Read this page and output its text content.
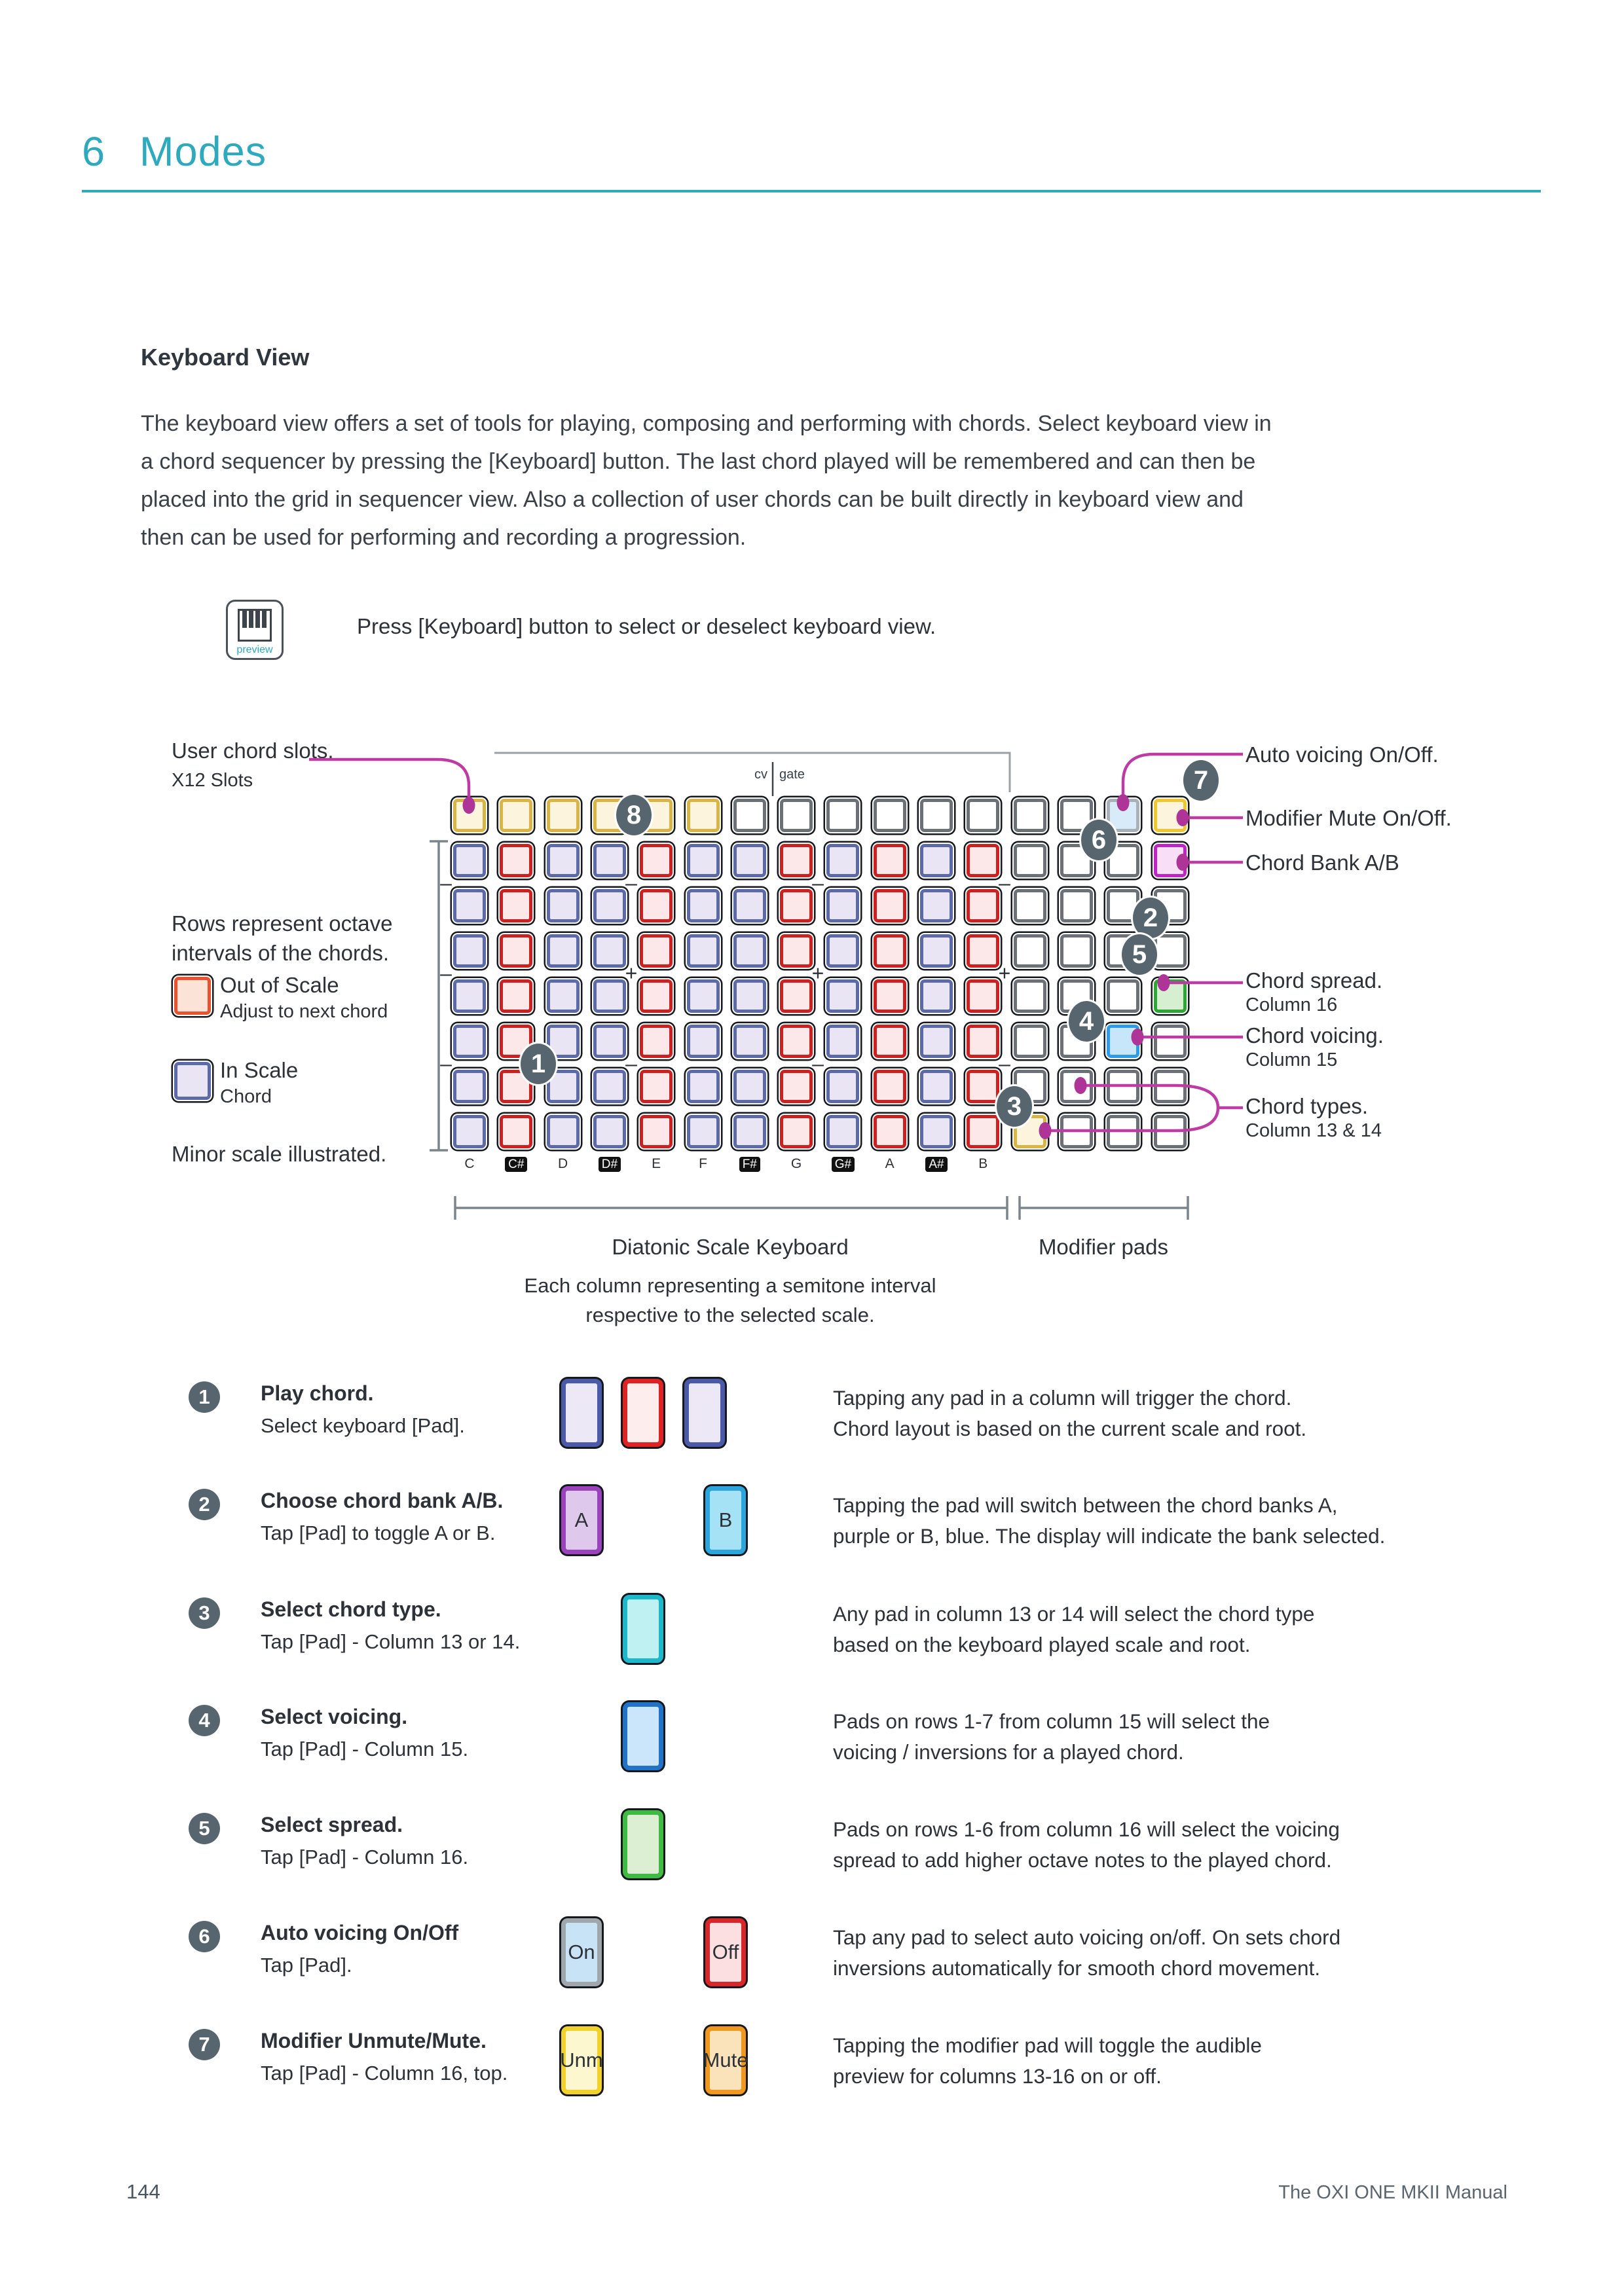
6 Modes
Keyboard View
The keyboard view offers a set of tools for playing, composing and performing with chords. Select keyboard view in
a chord sequencer by pressing the [Keyboard] button. The last chord played will be remembered and can then be
placed into the grid in sequencer view. Also a collection of user chords can be built directly in keyboard view and
then can be used for performing and recording a progression.
preview
Press [Keyboard] button to select or deselect keyboard view.
User chord slots.
X12 Slots
Rows represent octave
intervals of the chords.
Out of Scale
Adjust to next chord
In Scale
Chord
Minor scale illustrated.
Auto voicing On/Off.
Modifier Mute On/Off.
Chord Bank A/B
Chord spread.
Column 16
Chord voicing.
Column 15
Chord types.
Column 13 & 14
cv gate
C	C#	D	D#	E	F	F#	G	G#	A	A#	B
–	–	–	–
–	+	+	+
–	–	–	–
1
2
3
4
5
6
7
8
Diatonic Scale Keyboard	Modifier pads
Each column representing a semitone interval
respective to the selected scale.
1	Play chord.
Select keyboard [Pad].
Tapping any pad in a column will trigger the chord.
Chord layout is based on the current scale and root.
2	Choose chord bank A/B.
Tap [Pad] to toggle A or B.
A	B
Tapping the pad will switch between the chord banks A,
purple or B, blue. The display will indicate the bank selected.
3	Select chord type.
Tap [Pad] - Column 13 or 14.
Any pad in column 13 or 14 will select the chord type
based on the keyboard played scale and root.
4	Select voicing.
Tap [Pad] - Column 15.
Pads on rows 1-7 from column 15 will select the
voicing / inversions for a played chord.
5	Select spread.
Tap [Pad] - Column 16.
Pads on rows 1-6 from column 16 will select the voicing
spread to add higher octave notes to the played chord.
6	Auto voicing On/Off
Tap [Pad].
On	Off
Tap any pad to select auto voicing on/off. On sets chord
inversions automatically for smooth chord movement.
7	Modifier Unmute/Mute.
Tap [Pad] - Column 16, top.
Unm	Mute
Tapping the modifier pad will toggle the audible
preview for columns 13-16 on or off.
144	The OXI ONE MKII Manual
